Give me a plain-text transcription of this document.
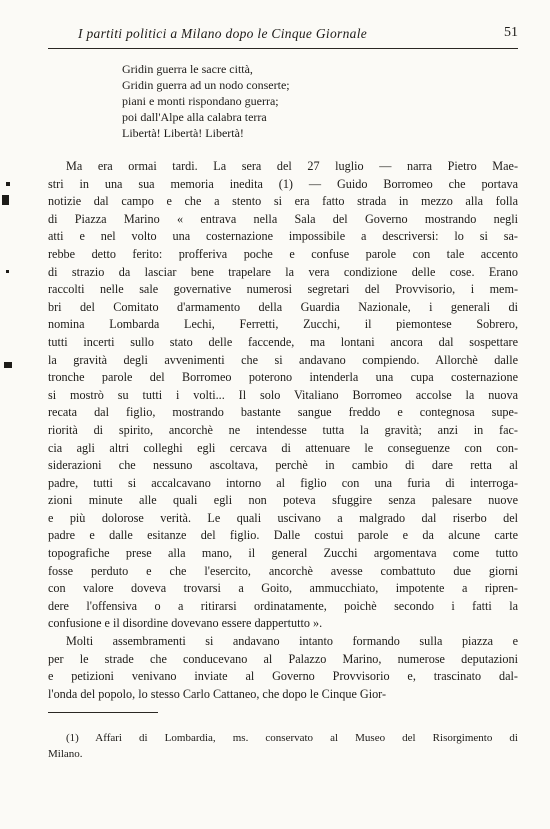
I partiti politici a Milano dopo le Cinque Giornale	51
Gridin guerra le sacre città,
Gridin guerra ad un nodo conserte;
piani e monti rispondano guerra;
poi dall'Alpe alla calabra terra
Libertà! Libertà! Libertà!
Ma era ormai tardi. La sera del 27 luglio — narra Pietro Mae-
stri in una sua memoria inedita (1) — Guido Borromeo che portava
notizie dal campo e che a stento si era fatto strada in mezzo alla folla
di Piazza Marino « entrava nella Sala del Governo mostrando negli
atti e nel volto una costernazione impossibile a descriversi: lo si sa-
rebbe detto ferito: profferiva poche e confuse parole con tale accento
di strazio da lasciar bene trapelare la vera condizione delle cose. Erano
raccolti nelle sale governative numerosi segretari del Provvisorio, i mem-
bri del Comitato d'armamento della Guardia Nazionale, i generali di
nomina Lombarda Lechi, Ferretti, Zucchi, il piemontese Sobrero,
tutti incerti sullo stato delle faccende, ma lontani ancora dal sospettare
la gravità degli avvenimenti che si andavano compiendo. Allorchè dalle
tronche parole del Borromeo poterono intenderla una cupa costernazione
si mostrò su tutti i volti... Il solo Vitaliano Borromeo accolse la nuova
recata dal figlio, mostrando bastante sangue freddo e contegnosa supe-
riorità di spirito, ancorchè ne intendesse tutta la gravità; anzi in fac-
cia agli altri colleghi egli cercava di attenuare le conseguenze con con-
siderazioni che nessuno ascoltava, perchè in cambio di dare retta al
padre, tutti si accalcavano intorno al figlio con una furia di interroga-
zioni minute alle quali egli non poteva sfuggire senza palesare nuove
e più dolorose verità. Le quali uscivano a malgrado dal riserbo del
padre e dalle esitanze del figlio. Dalle costui parole e da alcune carte
topografiche prese alla mano, il general Zucchi argomentava come tutto
fosse perduto e che l'esercito, ancorchè avesse combattuto due giorni
con valore doveva trovarsi a Goito, ammucchiato, impotente a ripren-
dere l'offensiva o a ritirarsi ordinatamente, poichè secondo i fatti la
confusione e il disordine dovevano essere dappertutto ».
Molti assembramenti si andavano intanto formando sulla piazza e
per le strade che conducevano al Palazzo Marino, numerose deputazioni
e petizioni venivano inviate al Governo Provvisorio e, trascinato dal-
l'onda del popolo, lo stesso Carlo Cattaneo, che dopo le Cinque Gior-
(1) Affari di Lombardia, ms. conservato al Museo del Risorgimento di
Milano.
